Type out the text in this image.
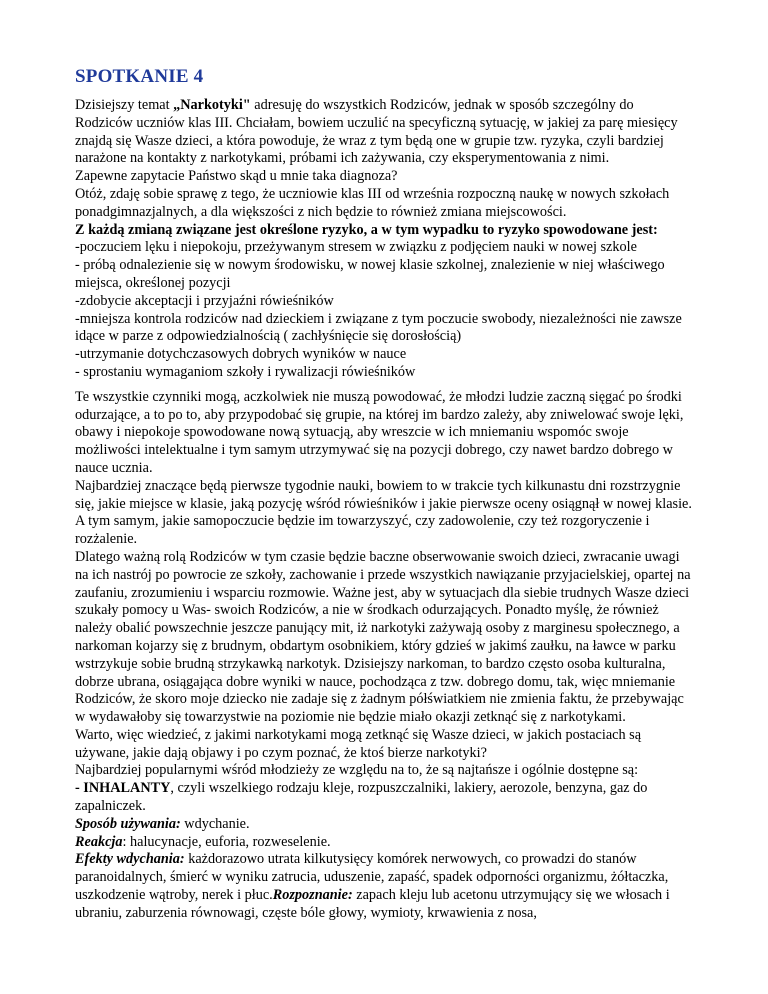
SPOTKANIE 4

Dzisiejszy temat „Narkotyki" adresuję do wszystkich Rodziców, jednak w sposób szczególny do Rodziców uczniów klas III. Chciałam, bowiem uczulić na specyficzną sytuację, w jakiej za parę miesięcy znajdą się Wasze dzieci, a która powoduje, że wraz z tym będą one w grupie tzw. ryzyka, czyli bardziej narażone na kontakty z narkotykami, próbami ich zażywania, czy eksperymentowania z nimi.

Zapewne zapytacie Państwo skąd u mnie taka diagnoza?

Otóż, zdaję sobie sprawę z tego, że uczniowie klas III od września rozpoczną naukę w nowych szkołach ponadgimnazjalnych, a dla większości z nich będzie to również zmiana miejscowości.

Z każdą zmianą związane jest określone ryzyko, a w tym wypadku to ryzyko spowodowane jest:

-poczuciem lęku i niepokoju, przeżywanym stresem w związku z podjęciem nauki w nowej szkole

- próbą odnalezienie się w nowym środowisku, w nowej klasie szkolnej, znalezienie w niej właściwego miejsca, określonej pozycji

-zdobycie akceptacji i przyjaźni rówieśników

-mniejsza kontrola rodziców nad dzieckiem i związane z tym poczucie swobody, niezależności nie zawsze idące w parze z odpowiedzialnością ( zachłyśnięcie się dorosłością)

-utrzymanie dotychczasowych dobrych wyników w nauce

- sprostaniu wymaganiom szkoły i rywalizacji rówieśników

Te wszystkie czynniki mogą, aczkolwiek nie muszą powodować, że młodzi ludzie zaczną sięgać po środki odurzające, a to po to, aby przypodobać się grupie, na której im bardzo zależy, aby zniwelować swoje lęki, obawy i niepokoje spowodowane nową sytuacją, aby wreszcie w ich mniemaniu wspomóc swoje możliwości intelektualne i tym samym utrzymywać się na pozycji dobrego, czy nawet bardzo dobrego w nauce ucznia.

Najbardziej znaczące będą pierwsze tygodnie nauki, bowiem to w trakcie tych kilkunastu dni rozstrzygnie się, jakie miejsce w klasie, jaką pozycję wśród rówieśników i jakie pierwsze oceny osiągnął w nowej klasie. A tym samym, jakie samopoczucie będzie im towarzyszyć, czy zadowolenie, czy też rozgoryczenie i rozżalenie.

Dlatego ważną rolą Rodziców w tym czasie będzie baczne obserwowanie swoich dzieci, zwracanie uwagi na ich nastrój po powrocie ze szkoły, zachowanie i przede wszystkich nawiązanie przyjacielskiej, opartej na zaufaniu, zrozumieniu i wsparciu rozmowie. Ważne jest, aby w sytuacjach dla siebie trudnych Wasze dzieci szukały pomocy u Was- swoich Rodziców, a nie w środkach odurzających. Ponadto myślę, że również należy obalić powszechnie jeszcze panujący mit, iż narkotyki zażywają osoby z marginesu społecznego, a narkoman kojarzy się z brudnym, obdartym osobnikiem, który gdzieś w jakimś zaułku, na ławce w parku wstrzykuje sobie brudną strzykawką narkotyk. Dzisiejszy narkoman, to bardzo często osoba kulturalna, dobrze ubrana, osiągająca dobre wyniki w nauce, pochodząca z tzw. dobrego domu, tak, więc mniemanie Rodziców, że skoro moje dziecko nie zadaje się z żadnym półświatkiem nie zmienia faktu, że przebywając w wydawałoby się towarzystwie na poziomie nie będzie miało okazji zetknąć się z narkotykami.

Warto, więc wiedzieć, z jakimi narkotykami mogą zetknąć się Wasze dzieci, w jakich postaciach są używane, jakie dają objawy i po czym poznać, że ktoś bierze narkotyki?

Najbardziej popularnymi wśród młodzieży ze względu na to, że są najtańsze i ogólnie dostępne są:

- INHALANTY, czyli wszelkiego rodzaju kleje, rozpuszczalniki, lakiery, aerozole, benzyna, gaz do zapalniczek.

Sposób używania: wdychanie.

Reakcja: halucynacje, euforia, rozweselenie.

Efekty wdychania: każdorazowo utrata kilkutysięcy komórek nerwowych, co prowadzi do stanów paranoidalnych, śmierć w wyniku zatrucia, uduszenie, zapaść, spadek odporności organizmu, żółtaczka, uszkodzenie wątroby, nerek i płuc.Rozpoznanie: zapach kleju lub acetonu utrzymujący się we włosach i ubraniu, zaburzenia równowagi, częste bóle głowy, wymioty, krwawienia z nosa,
